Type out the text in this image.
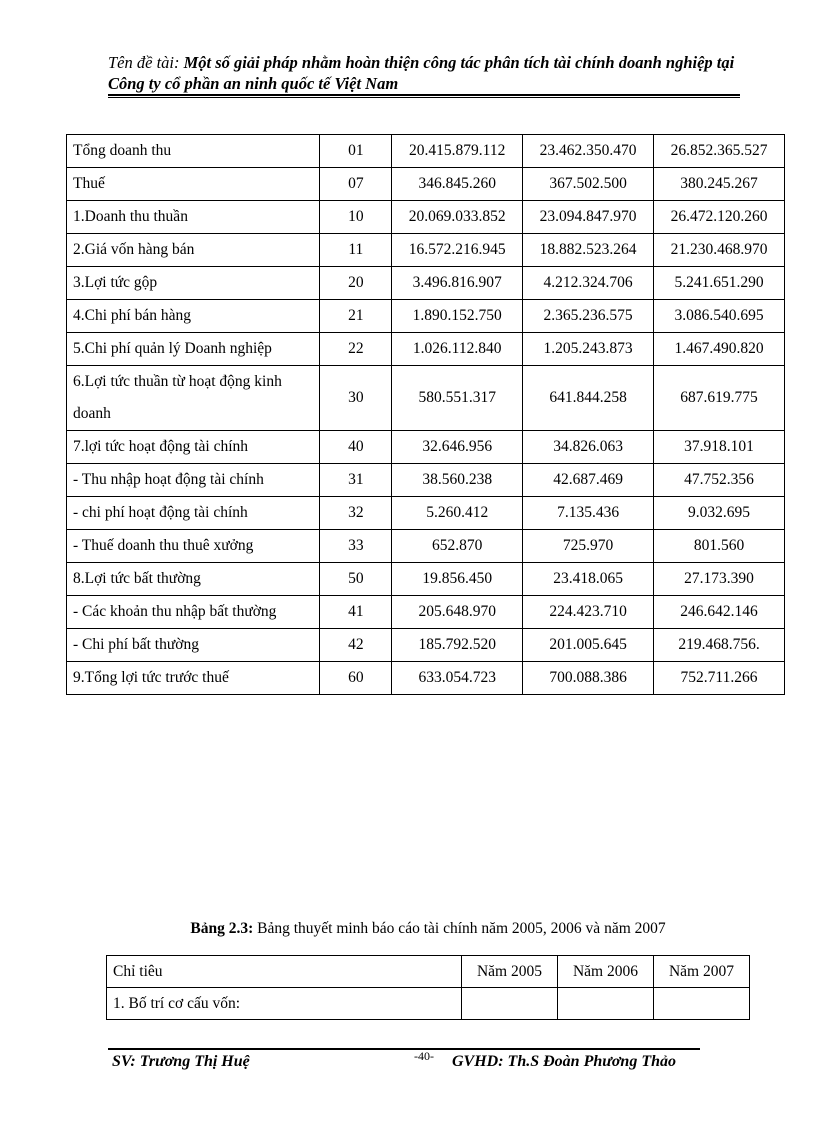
Tên đề tài: Một số giải pháp nhằm hoàn thiện công tác phân tích tài chính doanh nghiệp tại Công ty cổ phần an ninh quốc tế Việt Nam
Tổng doanh thu	01	20.415.879.112	23.462.350.470	26.852.365.527
Thuế	07	346.845.260	367.502.500	380.245.267
1.Doanh thu thuần	10	20.069.033.852	23.094.847.970	26.472.120.260
2.Giá vốn hàng bán	11	16.572.216.945	18.882.523.264	21.230.468.970
3.Lợi tức gộp	20	3.496.816.907	4.212.324.706	5.241.651.290
4.Chi phí bán hàng	21	1.890.152.750	2.365.236.575	3.086.540.695
5.Chi phí quản lý Doanh nghiệp	22	1.026.112.840	1.205.243.873	1.467.490.820
6.Lợi tức thuần từ hoạt động kinh doanh	30	580.551.317	641.844.258	687.619.775
7.lợi tức hoạt động tài chính	40	32.646.956	34.826.063	37.918.101
- Thu nhập hoạt động tài chính	31	38.560.238	42.687.469	47.752.356
- chi phí hoạt động tài chính	32	5.260.412	7.135.436	9.032.695
- Thuế doanh thu thuê xưởng	33	652.870	725.970	801.560
8.Lợi tức bất thường	50	19.856.450	23.418.065	27.173.390
- Các khoản thu nhập bất thường	41	205.648.970	224.423.710	246.642.146
- Chi phí bất thường	42	185.792.520	201.005.645	219.468.756.
9.Tổng lợi tức trước thuế	60	633.054.723	700.088.386	752.711.266
Bảng 2.3: Bảng thuyết minh báo cáo tài chính năm 2005, 2006 và năm 2007
Chỉ tiêu	Năm 2005	Năm 2006	Năm 2007
1. Bố trí cơ cấu vốn:			
SV: Trương Thị Huệ	-40- GVHD: Th.S Đoàn Phương Thảo
